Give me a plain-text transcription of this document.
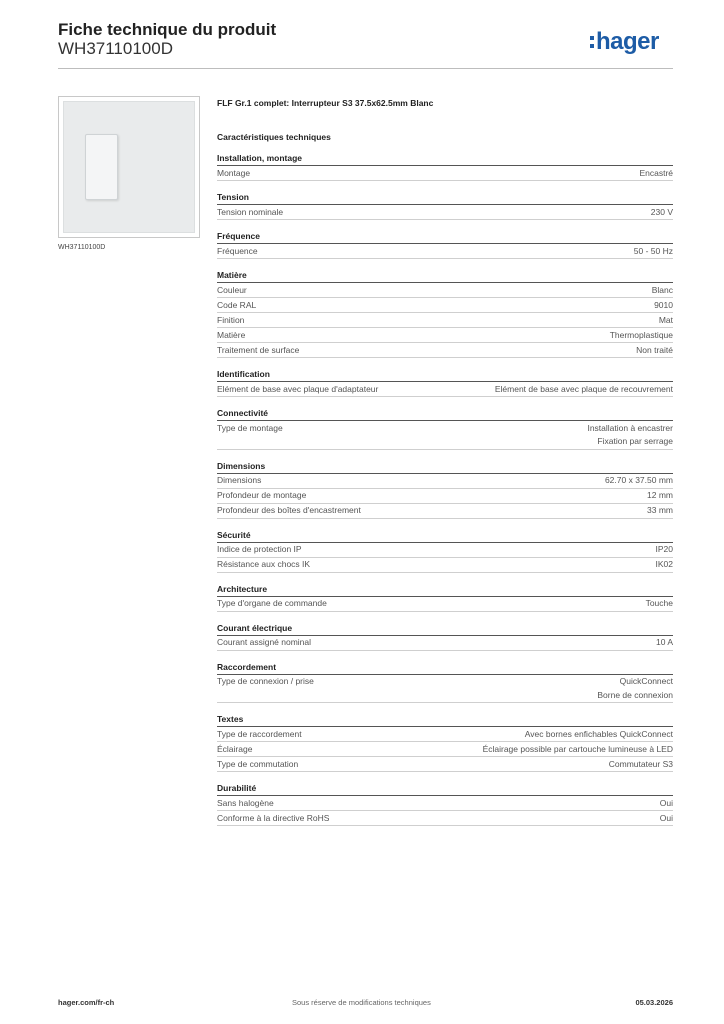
Fiche technique du produit
WH37110100D	hager
WH37110100D
FLF Gr.1 complet: Interrupteur S3 37.5x62.5mm Blanc
Caractéristiques techniques
Installation, montage
Montage	Encastré
Tension
Tension nominale	230 V
Fréquence
Fréquence	50 - 50 Hz
Matière
Couleur	Blanc
Code RAL	9010
Finition	Mat
Matière	Thermoplastique
Traitement de surface	Non traité
Identification
Elément de base avec plaque d'adaptateur	Elément de base avec plaque de recouvrement
Connectivité
Type de montage	Installation à encastrer
Fixation par serrage
Dimensions
Dimensions	62.70 x 37.50 mm
Profondeur de montage	12 mm
Profondeur des boîtes d'encastrement	33 mm
Sécurité
Indice de protection IP	IP20
Résistance aux chocs IK	IK02
Architecture
Type d'organe de commande	Touche
Courant électrique
Courant assigné nominal	10 A
Raccordement
Type de connexion / prise	QuickConnect
Borne de connexion
Textes
Type de raccordement	Avec bornes enfichables QuickConnect
Éclairage	Éclairage possible par cartouche lumineuse à LED
Type de commutation	Commutateur S3
Durabilité
Sans halogène	Oui
Conforme à la directive RoHS	Oui
hager.com/fr-ch	Sous réserve de modifications techniques	05.03.2026
